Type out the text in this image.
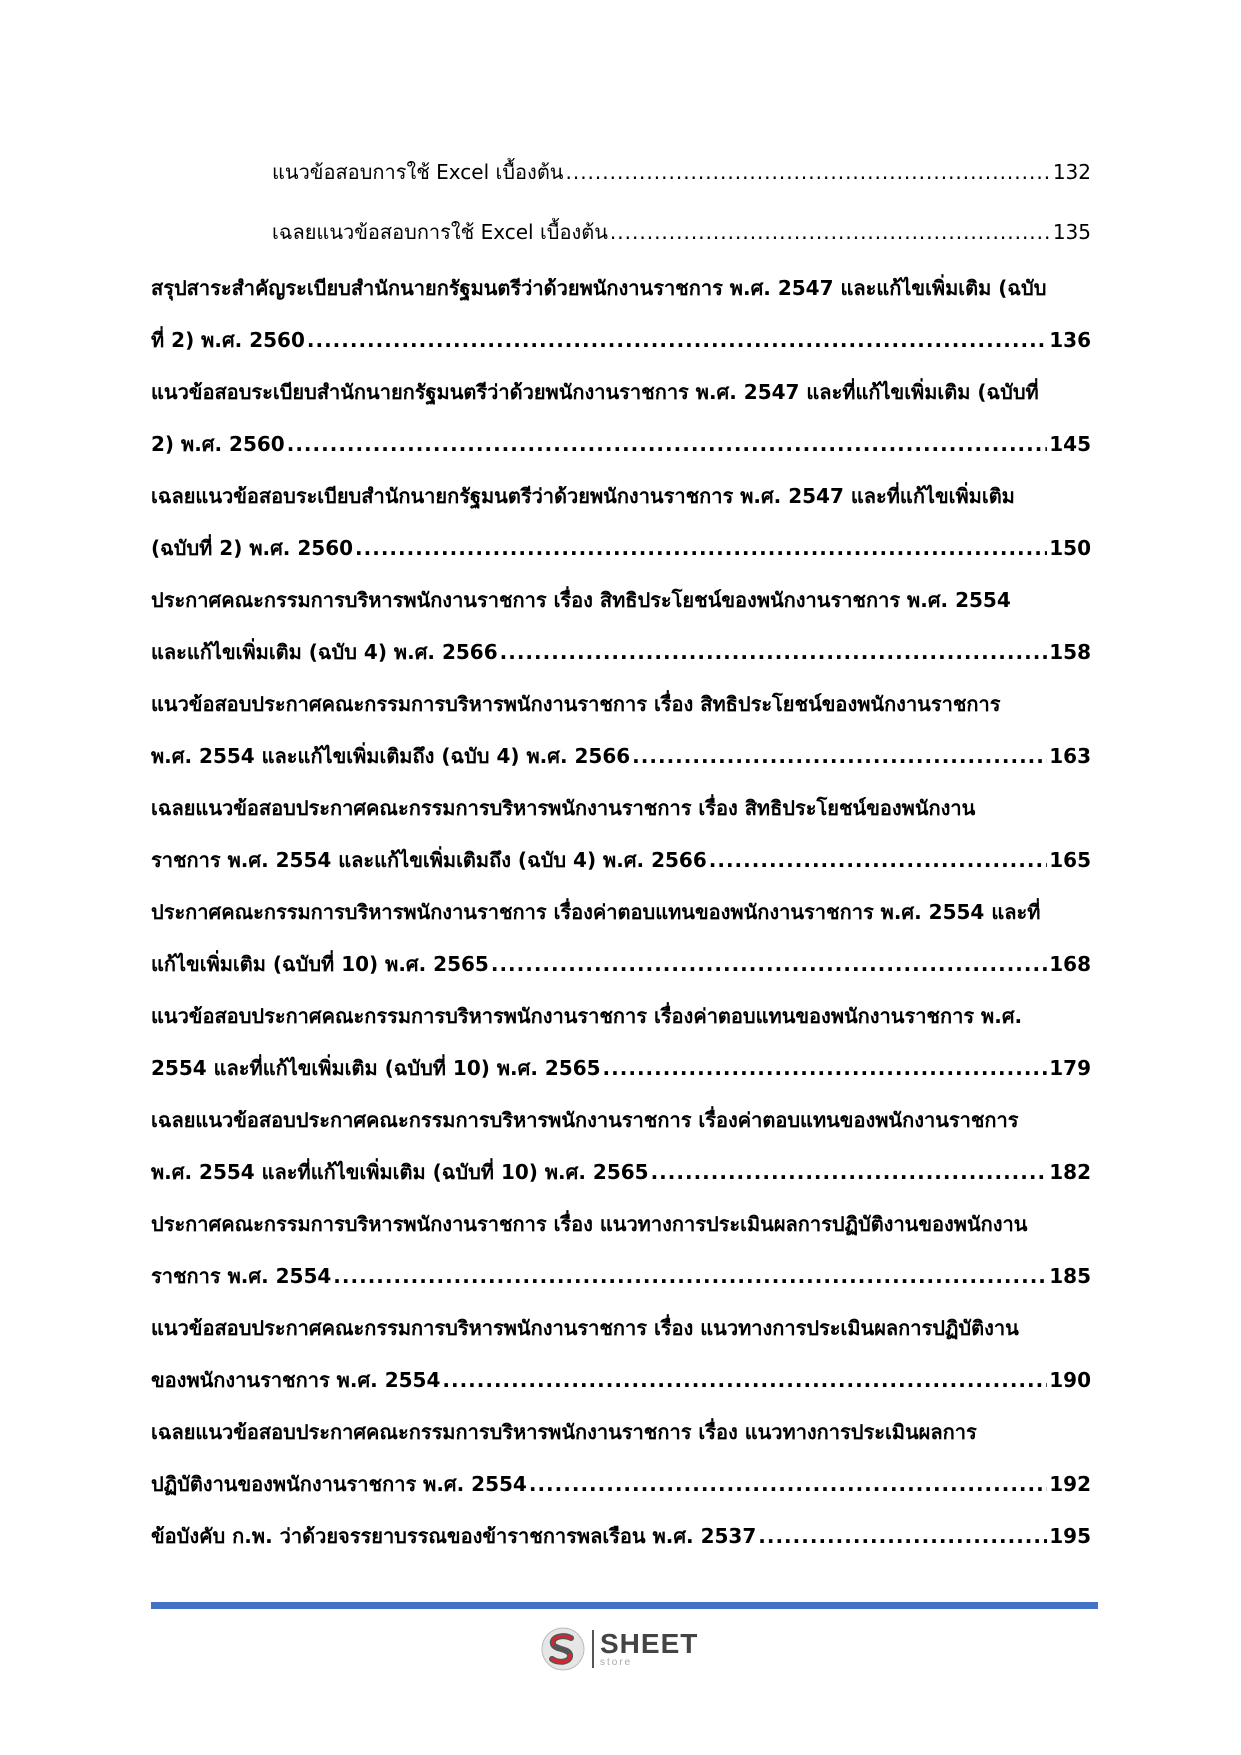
แนวข้อสอบการใช้ Excel เบื้องต้น .....	132
เฉลยแนวข้อสอบการใช้ Excel เบื้องต้น .....	135
สรุปสาระสำคัญระเบียบสำนักนายกรัฐมนตรีว่าด้วยพนักงานราชการ พ.ศ. 2547 และแก้ไขเพิ่มเติม (ฉบับ
ที่ 2) พ.ศ. 2560 .....	136
แนวข้อสอบระเบียบสำนักนายกรัฐมนตรีว่าด้วยพนักงานราชการ พ.ศ. 2547 และที่แก้ไขเพิ่มเติม (ฉบับที่
2) พ.ศ. 2560 .....	145
เฉลยแนวข้อสอบระเบียบสำนักนายกรัฐมนตรีว่าด้วยพนักงานราชการ พ.ศ. 2547 และที่แก้ไขเพิ่มเติม
(ฉบับที่ 2) พ.ศ. 2560 .....	150
ประกาศคณะกรรมการบริหารพนักงานราชการ เรื่อง สิทธิประโยชน์ของพนักงานราชการ พ.ศ. 2554
และแก้ไขเพิ่มเติม (ฉบับ 4) พ.ศ. 2566 .....	158
แนวข้อสอบประกาศคณะกรรมการบริหารพนักงานราชการ เรื่อง สิทธิประโยชน์ของพนักงานราชการ
พ.ศ. 2554 และแก้ไขเพิ่มเติมถึง (ฉบับ 4) พ.ศ. 2566 .....	163
เฉลยแนวข้อสอบประกาศคณะกรรมการบริหารพนักงานราชการ เรื่อง สิทธิประโยชน์ของพนักงาน
ราชการ พ.ศ. 2554 และแก้ไขเพิ่มเติมถึง (ฉบับ 4) พ.ศ. 2566 .....	165
ประกาศคณะกรรมการบริหารพนักงานราชการ เรื่องค่าตอบแทนของพนักงานราชการ พ.ศ. 2554 และที่
แก้ไขเพิ่มเติม (ฉบับที่ 10) พ.ศ. 2565 .....	168
แนวข้อสอบประกาศคณะกรรมการบริหารพนักงานราชการ เรื่องค่าตอบแทนของพนักงานราชการ พ.ศ.
2554 และที่แก้ไขเพิ่มเติม (ฉบับที่ 10) พ.ศ. 2565 .....	179
เฉลยแนวข้อสอบประกาศคณะกรรมการบริหารพนักงานราชการ เรื่องค่าตอบแทนของพนักงานราชการ
พ.ศ. 2554 และที่แก้ไขเพิ่มเติม (ฉบับที่ 10) พ.ศ. 2565 .....	182
ประกาศคณะกรรมการบริหารพนักงานราชการ เรื่อง แนวทางการประเมินผลการปฏิบัติงานของพนักงาน
ราชการ พ.ศ. 2554 .....	185
แนวข้อสอบประกาศคณะกรรมการบริหารพนักงานราชการ เรื่อง แนวทางการประเมินผลการปฏิบัติงาน
ของพนักงานราชการ พ.ศ. 2554 .....	190
เฉลยแนวข้อสอบประกาศคณะกรรมการบริหารพนักงานราชการ เรื่อง แนวทางการประเมินผลการ
ปฏิบัติงานของพนักงานราชการ พ.ศ. 2554 .....	192
ข้อบังคับ ก.พ. ว่าด้วยจรรยาบรรณของข้าราชการพลเรือน พ.ศ. 2537 .....	195
SHEET
store
